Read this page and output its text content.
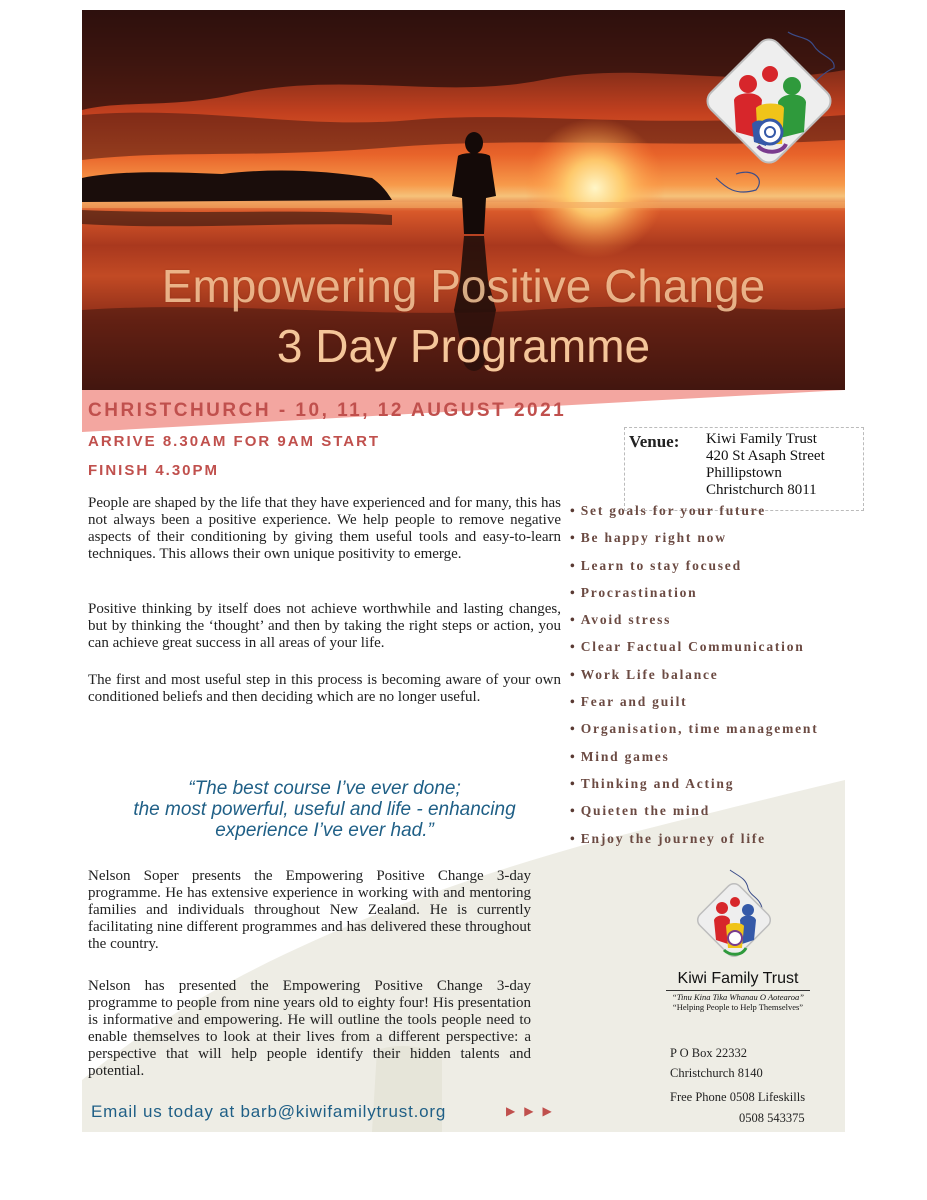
Empowering Positive Change
3 Day Programme
CHRISTCHURCH - 10, 11, 12 AUGUST 2021
ARRIVE 8.30AM FOR 9AM START
FINISH 4.30PM
Venue: Kiwi Family Trust
420 St Asaph Street
Phillipstown
Christchurch 8011

People are shaped by the life that they have experienced and for many, this has not always been a positive experience. We help people to remove negative aspects of their conditioning by giving them useful tools and easy-to-learn techniques. This allows their own unique positivity to emerge.

Positive thinking by itself does not achieve worthwhile and lasting changes, but by thinking the ‘thought’ and then by taking the right steps or action, you can achieve great success in all areas of your life.

The first and most useful step in this process is becoming aware of your own conditioned beliefs and then deciding which are no longer useful.

“The best course I’ve ever done;
the most powerful, useful and life - enhancing
experience I’ve ever had.”

Nelson Soper presents the Empowering Positive Change 3-day programme. He has extensive experience in working with and mentoring families and individuals throughout New Zealand. He is currently facilitating nine different programmes and has delivered these throughout the country.

Nelson has presented the Empowering Positive Change 3-day programme to people from nine years old to eighty four! His presentation is informative and empowering. He will outline the tools people need to enable themselves to look at their lives from a different perspective: a perspective that will help people identify their hidden talents and potential.

Email us today at barb@kiwifamilytrust.org	▶ ▶ ▶
• Set goals for your future
• Be happy right now
• Learn to stay focused
• Procrastination
• Avoid stress
• Clear Factual Communication
• Work Life balance
• Fear and guilt
• Organisation, time management
• Mind games
• Thinking and Acting
• Quieten the mind
• Enjoy the journey of life
Kiwi Family Trust
“Tinu Kina Tika Whanau O Aotearoa”
“Helping People to Help Themselves”
P O Box 22332
Christchurch 8140
Free Phone 0508 Lifeskills
0508 543375
